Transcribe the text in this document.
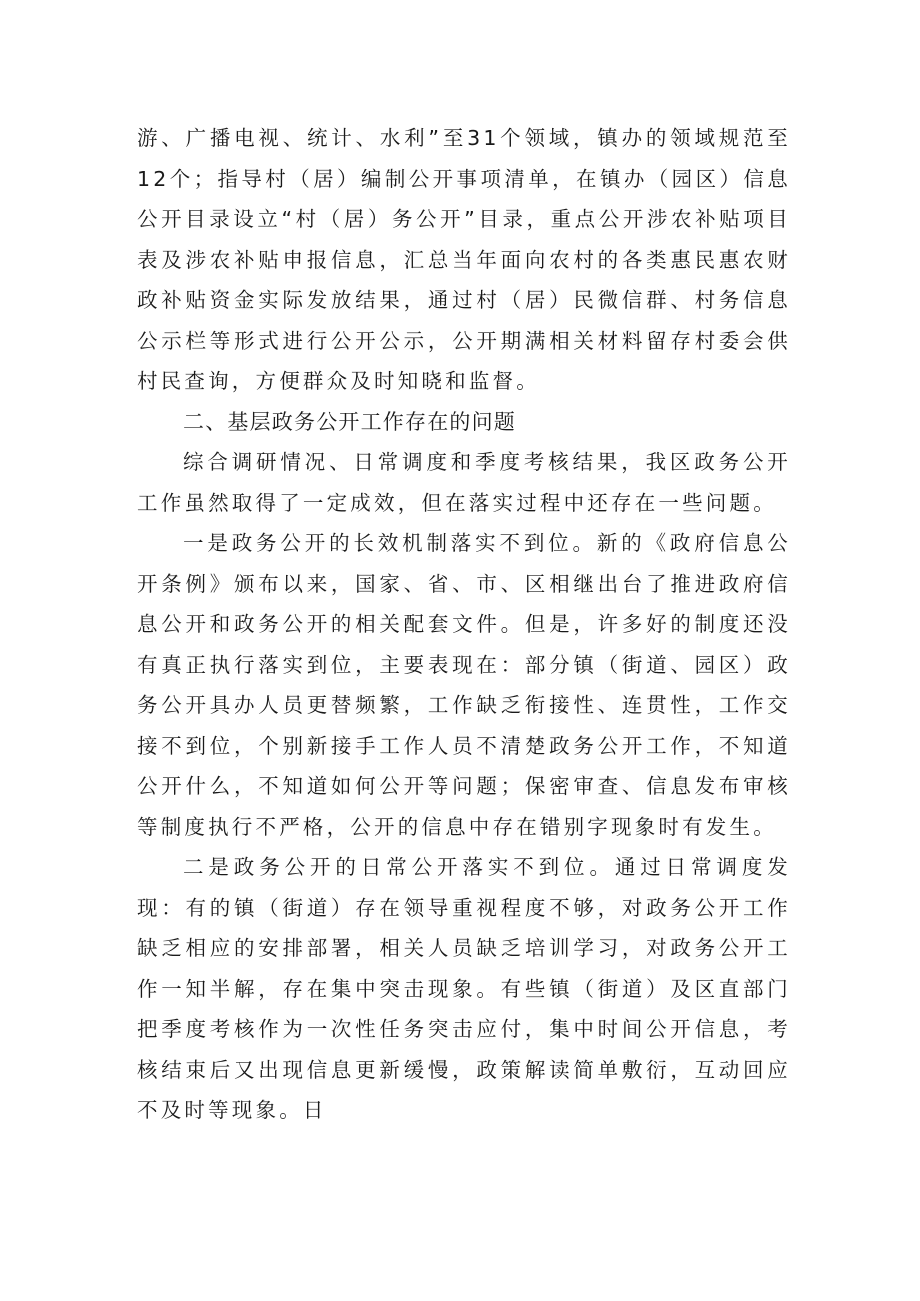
游、广播电视、统计、水利”至31个领域，镇办的领域规范至12个；指导村（居）编制公开事项清单，在镇办（园区）信息公开目录设立“村（居）务公开”目录，重点公开涉农补贴项目表及涉农补贴申报信息，汇总当年面向农村的各类惠民惠农财政补贴资金实际发放结果，通过村（居）民微信群、村务信息公示栏等形式进行公开公示，公开期满相关材料留存村委会供村民查询，方便群众及时知晓和监督。

二、基层政务公开工作存在的问题

综合调研情况、日常调度和季度考核结果，我区政务公开工作虽然取得了一定成效，但在落实过程中还存在一些问题。

一是政务公开的长效机制落实不到位。新的《政府信息公开条例》颁布以来，国家、省、市、区相继出台了推进政府信息公开和政务公开的相关配套文件。但是，许多好的制度还没有真正执行落实到位，主要表现在：部分镇（街道、园区）政务公开具办人员更替频繁，工作缺乏衔接性、连贯性，工作交接不到位，个别新接手工作人员不清楚政务公开工作，不知道公开什么，不知道如何公开等问题；保密审查、信息发布审核等制度执行不严格，公开的信息中存在错别字现象时有发生。

二是政务公开的日常公开落实不到位。通过日常调度发现：有的镇（街道）存在领导重视程度不够，对政务公开工作缺乏相应的安排部署，相关人员缺乏培训学习，对政务公开工作一知半解，存在集中突击现象。有些镇（街道）及区直部门把季度考核作为一次性任务突击应付，集中时间公开信息，考核结束后又出现信息更新缓慢，政策解读简单敷衍，互动回应不及时等现象。日
